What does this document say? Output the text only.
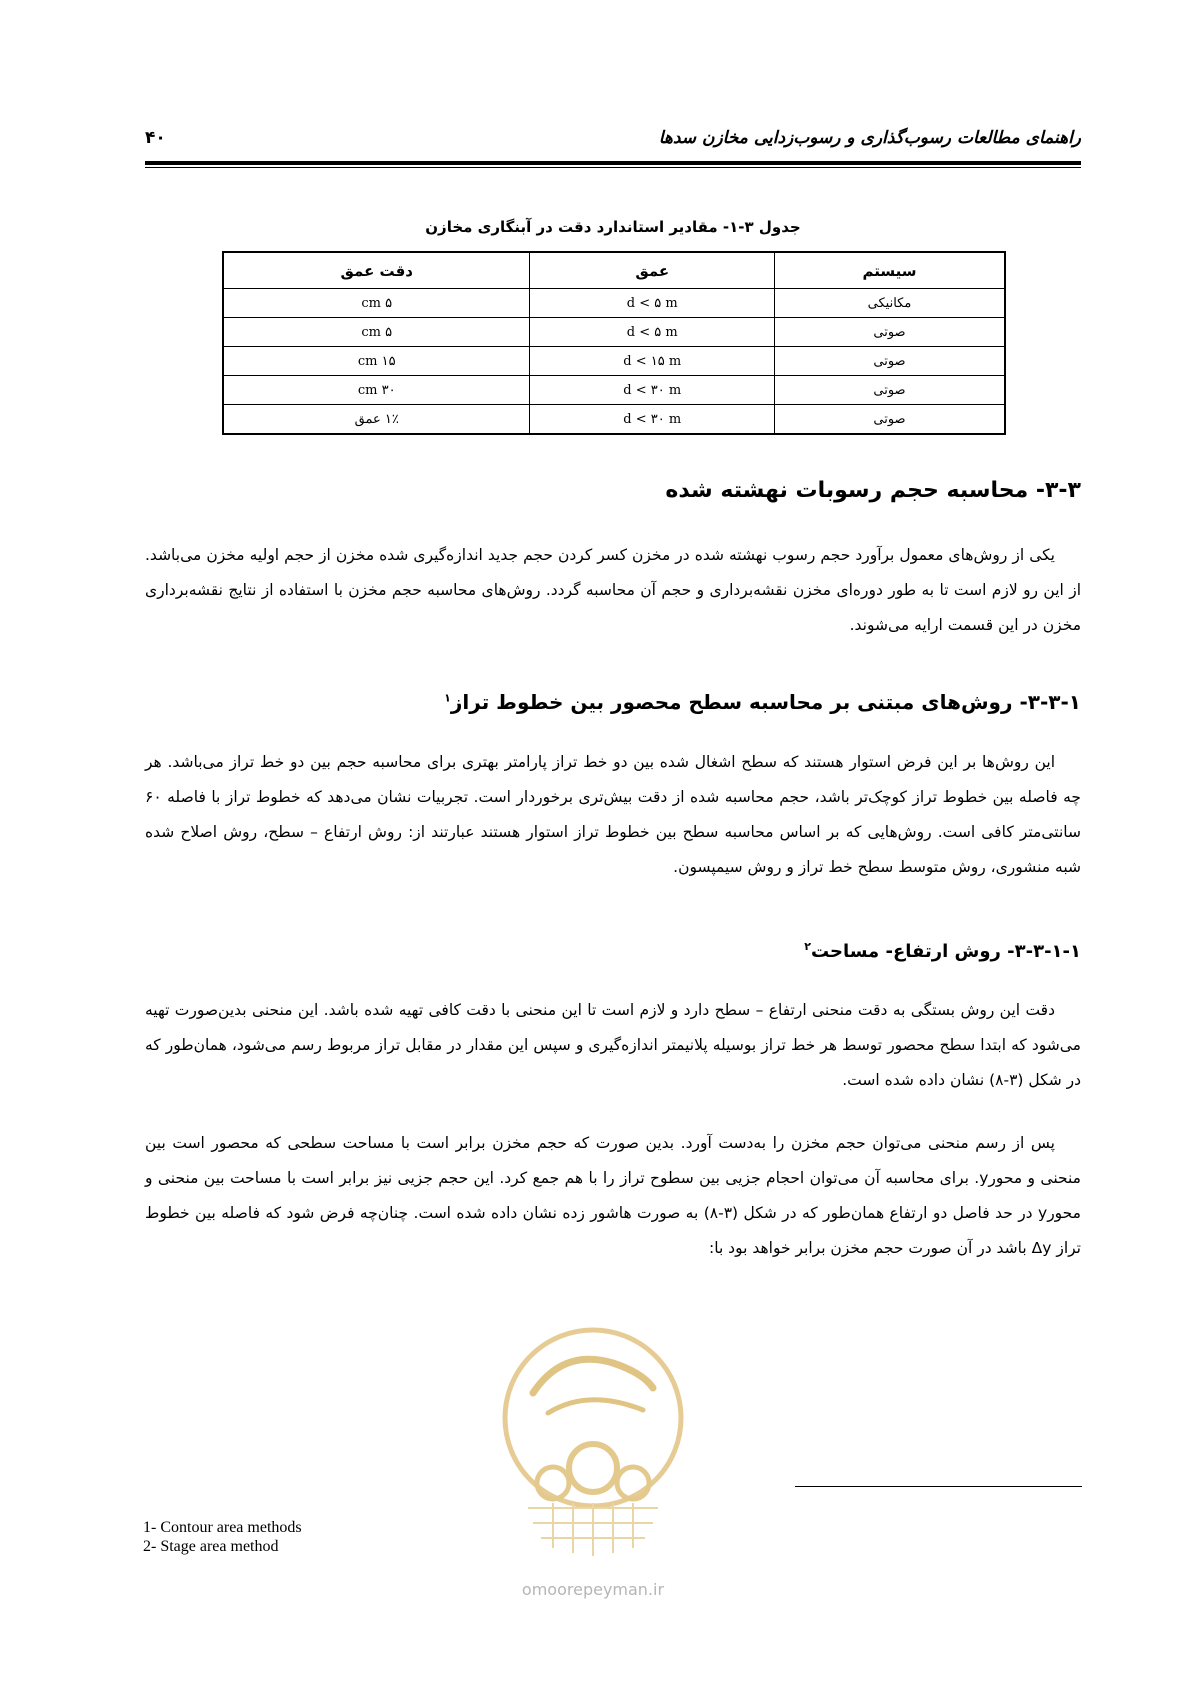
راهنمای مطالعات رسوب‌گذاری و رسوب‌زدایی مخازن سدها
۴۰
جدول ۳-۱- مقادیر استاندارد دقت در آبنگاری مخازن
سیستم	عمق	دقت عمق
مکانیکی	d < ۵ m	۵ cm
صوتی	d < ۵ m	۵ cm
صوتی	d < ۱۵ m	۱۵ cm
صوتی	d < ۳۰ m	۳۰ cm
صوتی	d < ۳۰ m	۱٪ عمق
۳-۳- محاسبه حجم رسوبات نهشته شده

یکی از روش‌های معمول برآورد حجم رسوب نهشته شده در مخزن کسر کردن حجم جدید اندازه‌گیری شده مخزن از حجم اولیه مخزن می‌باشد. از این رو لازم است تا به طور دوره‌ای مخزن نقشه‌برداری و حجم آن محاسبه گردد. روش‌های محاسبه حجم مخزن با استفاده از نتایج نقشه‌برداری مخزن در این قسمت ارایه می‌شوند.

۳-۳-۱- روش‌های مبتنی بر محاسبه سطح محصور بین خطوط تراز$^۱$

این روش‌ها بر این فرض استوار هستند که سطح اشغال شده بین دو خط تراز پارامتر بهتری برای محاسبه حجم بین دو خط تراز می‌باشد. هر چه فاصله بین خطوط تراز کوچک‌تر باشد، حجم محاسبه شده از دقت بیش‌تری برخوردار است. تجربیات نشان می‌دهد که خطوط تراز با فاصله ۶۰ سانتی‌متر کافی است. روش‌هایی که بر اساس محاسبه سطح بین خطوط تراز استوار هستند عبارتند از: روش ارتفاع – سطح، روش اصلاح شده شبه منشوری، روش متوسط سطح خط تراز و روش سیمپسون.

۳-۳-۱-۱- روش ارتفاع- مساحت$^۲$

دقت این روش بستگی به دقت منحنی ارتفاع – سطح دارد و لازم است تا این منحنی با دقت کافی تهیه شده باشد. این منحنی بدین‌صورت تهیه می‌شود که ابتدا سطح محصور توسط هر خط تراز بوسیله پلانیمتر اندازه‌گیری و سپس این مقدار در مقابل تراز مربوط رسم می‌شود، همان‌طور که در شکل (۳-۸) نشان داده شده است.

پس از رسم منحنی می‌توان حجم مخزن را به‌دست آورد. بدین صورت که حجم مخزن برابر است با مساحت سطحی که محصور است بین منحنی و محورy. برای محاسبه آن می‌توان احجام جزیی بین سطوح تراز را با هم جمع کرد. این حجم جزیی نیز برابر است با مساحت بین منحنی و محورy در حد فاصل دو ارتفاع همان‌طور که در شکل (۳-۸) به صورت هاشور زده نشان داده شده است. چنان‌چه فرض شود که فاصله بین خطوط تراز Δy باشد در آن صورت حجم مخزن برابر خواهد بود با:

omoorepeyman.ir
1- Contour area methods
2- Stage area method
